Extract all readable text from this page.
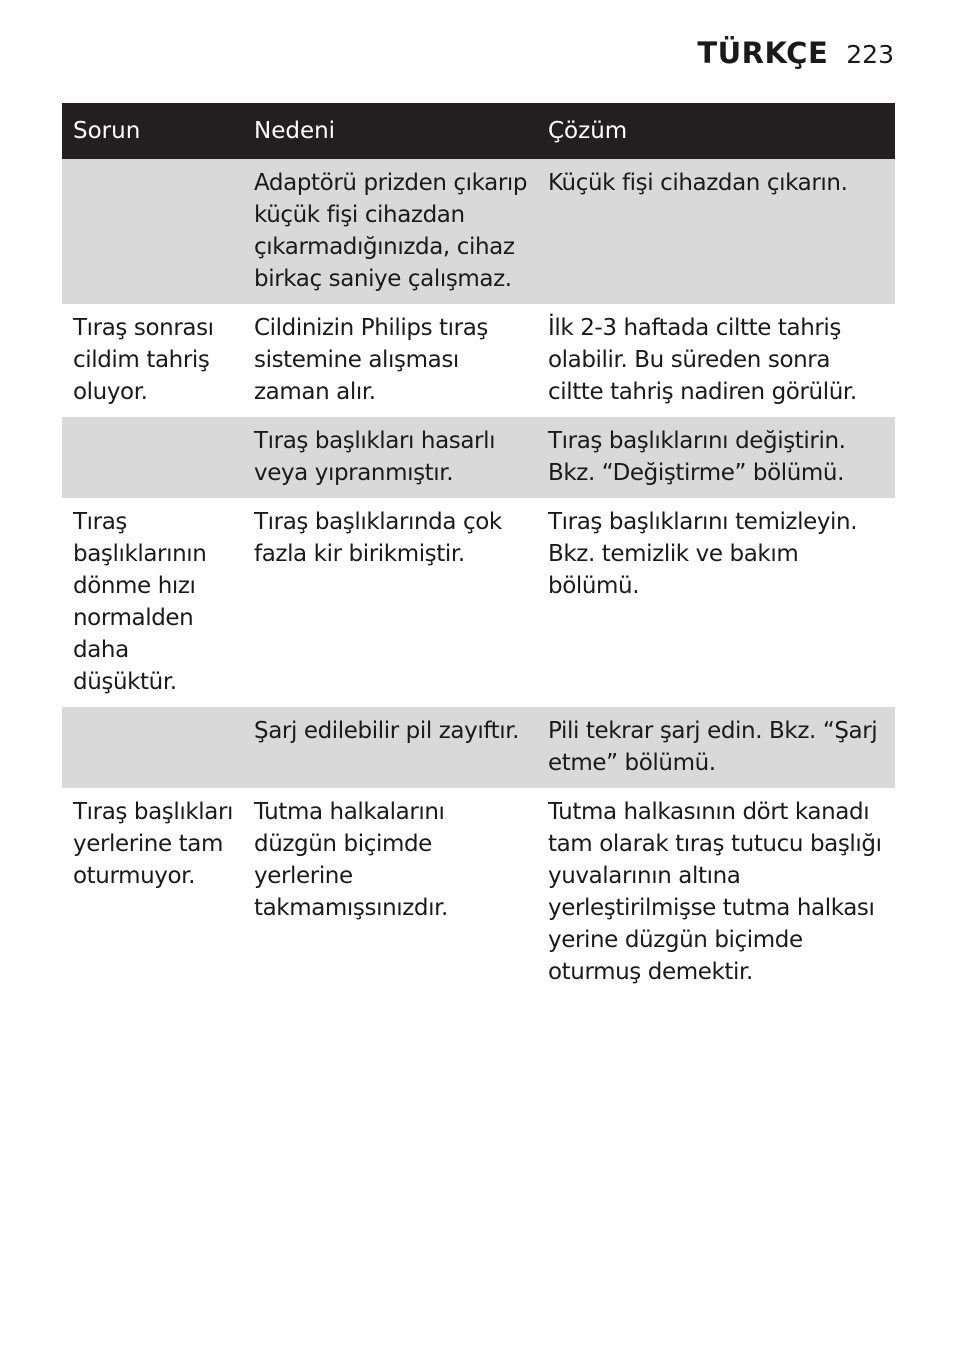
TÜRKÇE 223
Sorun	Nedeni	Çözüm
	Adaptörü prizden çıkarıp küçük fişi cihazdan çıkarmadığınızda, cihaz birkaç saniye çalışmaz.	Küçük fişi cihazdan çıkarın.
Tıraş sonrası cildim tahriş oluyor.	Cildinizin Philips tıraş sistemine alışması zaman alır.	İlk 2-3 haftada ciltte tahriş olabilir. Bu süreden sonra ciltte tahriş nadiren görülür.
	Tıraş başlıkları hasarlı veya yıpranmıştır.	Tıraş başlıklarını değiştirin. Bkz. “Değiştirme” bölümü.
Tıraş başlıklarının dönme hızı normalden daha düşüktür.	Tıraş başlıklarında çok fazla kir birikmiştir.	Tıraş başlıklarını temizleyin. Bkz. temizlik ve bakım bölümü.
	Şarj edilebilir pil zayıftır.	Pili tekrar şarj edin. Bkz. “Şarj etme” bölümü.
Tıraş başlıkları yerlerine tam oturmuyor.	Tutma halkalarını düzgün biçimde yerlerine takmamışsınızdır.	Tutma halkasının dört kanadı tam olarak tıraş tutucu başlığı yuvalarının altına yerleştirilmişse tutma halkası yerine düzgün biçimde oturmuş demektir.
